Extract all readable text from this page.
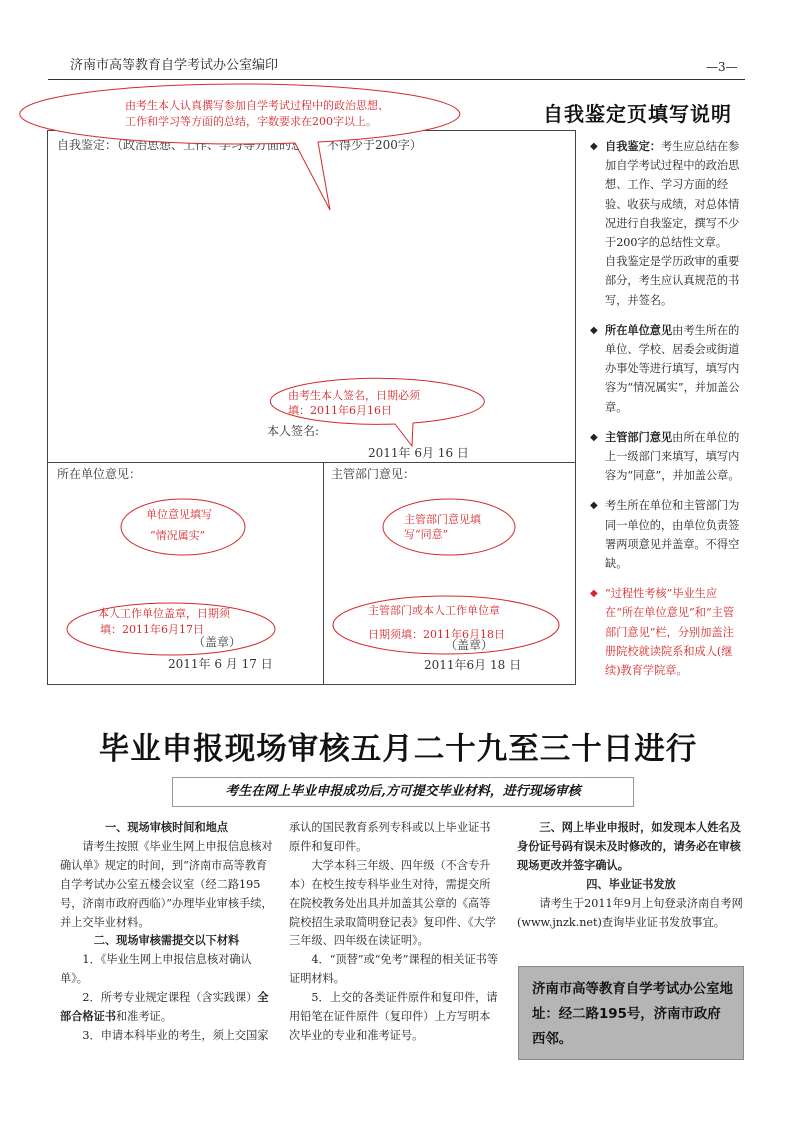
济南市高等教育自学考试办公室编印	—3—
自我鉴定页填写说明
自我鉴定：（政治思想、工作、学习等方面的总结，不得少于200字）
本人签名:
2011年 6月 16 日
所在单位意见：
（盖章）
2011年 6 月 17 日
主管部门意见：
（盖章）
2011年6月 18 日
由考生本人认真撰写参加自学考试过程中的政治思想、
工作和学习等方面的总结，字数要求在200字以上。
由考生本人签名，日期必须
填：2011年6月16日
单位意见填写
“情况属实”
主管部门意见填
写“同意”
本人工作单位盖章，日期须
填：2011年6月17日
主管部门或本人工作单位章
日期须填：2011年6月18日

◆ 自我鉴定：考生应总结在参加自学考试过程中的政治思想、工作、学习方面的经验、收获与成绩，对总体情况进行自我鉴定，撰写不少于200字的总结性文章。
自我鉴定是学历政审的重要部分，考生应认真规范的书写，并签名。

◆ 所在单位意见由考生所在的单位、学校、居委会或街道办事处等进行填写，填写内容为“情况属实”，并加盖公章。

◆ 主管部门意见由所在单位的上一级部门来填写，填写内容为“同意”，并加盖公章。

◆ 考生所在单位和主管部门为同一单位的，由单位负责签署两项意见并盖章。不得空缺。

◆ “过程性考核”毕业生应在“所在单位意见”和“主管部门意见”栏，分别加盖注册院校就读院系和成人(继续)教育学院章。

毕业申报现场审核五月二十九至三十日进行
考生在网上毕业申报成功后,方可提交毕业材料，进行现场审核

一、现场审核时间和地点

请考生按照《毕业生网上申报信息核对确认单》规定的时间，到“济南市高等教育自学考试办公室五楼会议室（经二路195号，济南市政府西临）”办理毕业审核手续，并上交毕业材料。

二、现场审核需提交以下材料

1．《毕业生网上申报信息核对确认单》。

2．所考专业规定课程（含实践课）全部合格证书和准考证。

3．申请本科毕业的考生，须上交国家

承认的国民教育系列专科或以上毕业证书原件和复印件。

大学本科三年级、四年级（不含专升本）在校生按专科毕业生对待，需提交所在院校教务处出具并加盖其公章的《高等院校招生录取简明登记表》复印件、《大学三年级、四年级在读证明》。

4．“顶替”或“免考”课程的相关证书等证明材料。

5．上交的各类证件原件和复印件，请用铅笔在证件原件（复印件）上方写明本次毕业的专业和准考证号。

三、网上毕业申报时，如发现本人姓名及身份证号码有误未及时修改的，请务必在审核现场更改并签字确认。

四、毕业证书发放

请考生于2011年9月上旬登录济南自考网(www.jnzk.net)查询毕业证书发放事宜。

济南市高等教育自学考试办公室地址：经二路195号，济南市政府西邻。
